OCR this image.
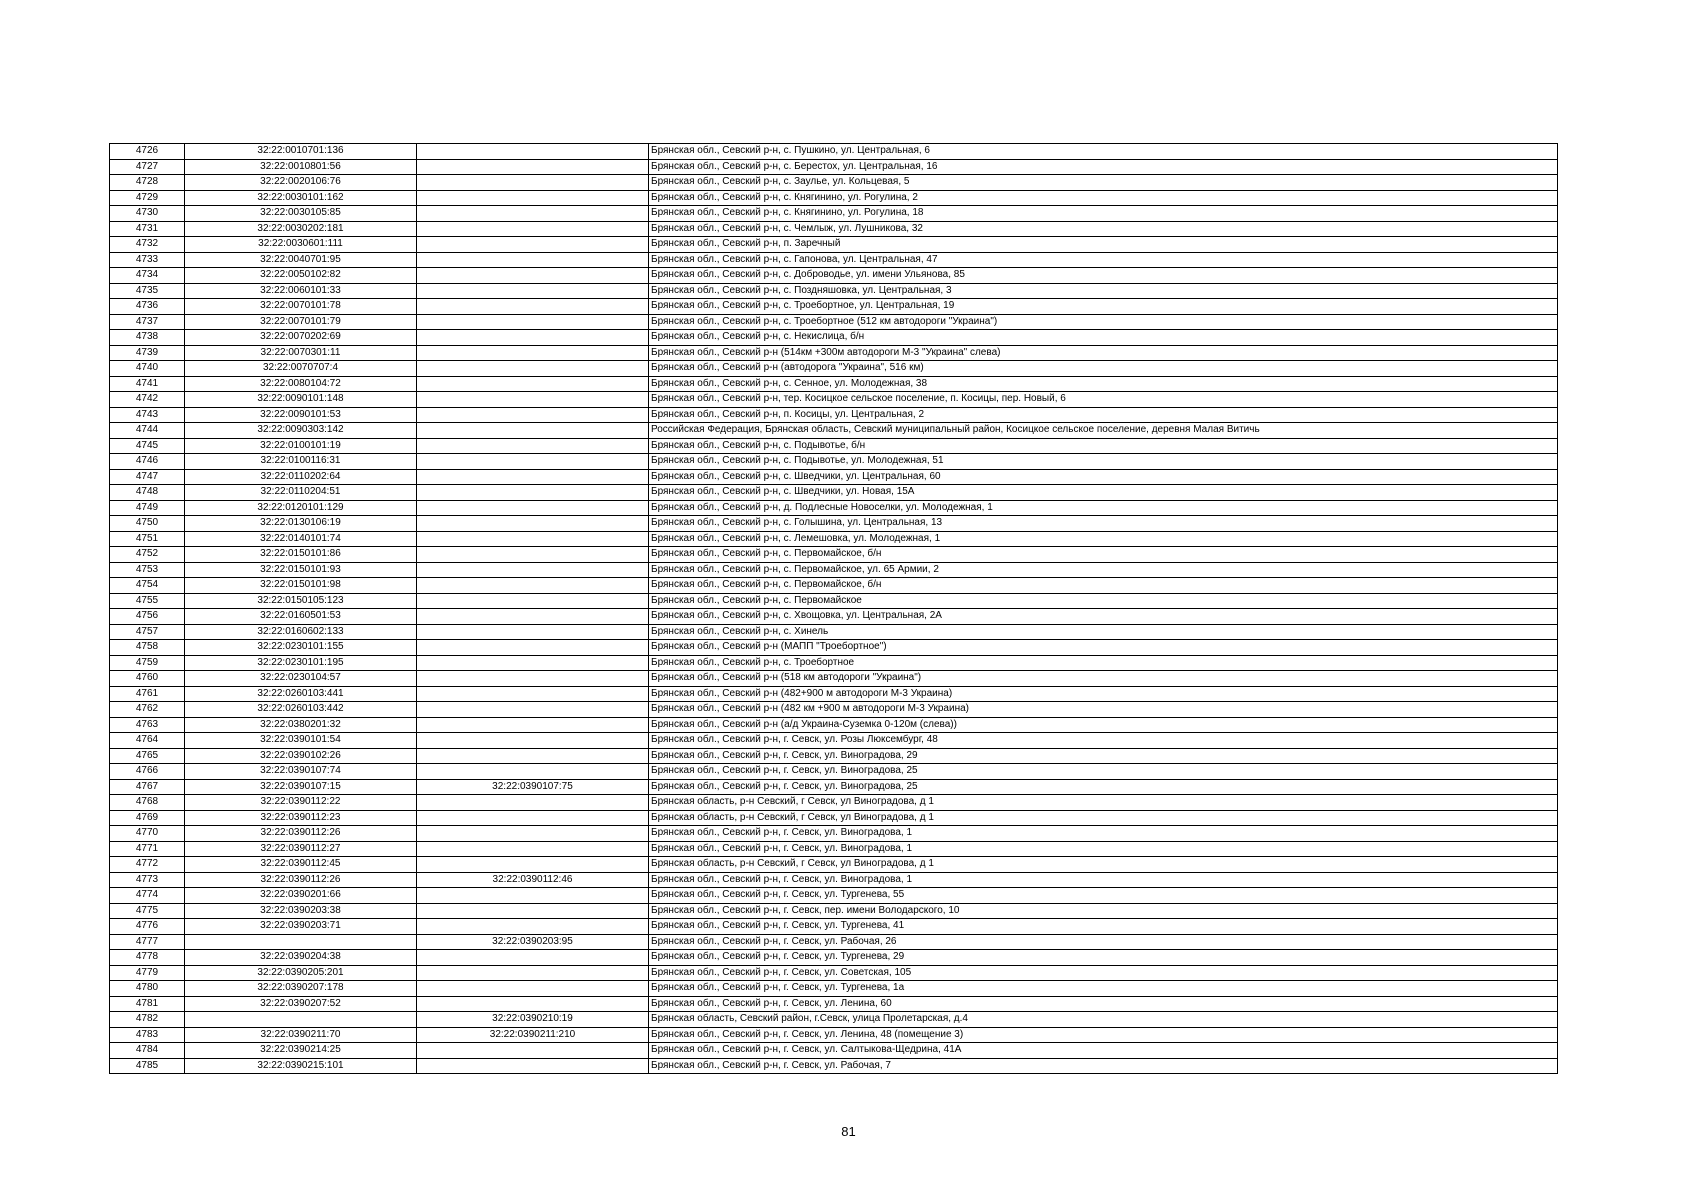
4726	32:22:0010701:136		Брянская обл., Севский р-н, с. Пушкино, ул. Центральная, 6
4727	32:22:0010801:56		Брянская обл., Севский р-н, с. Берестох, ул. Центральная, 16
4728	32:22:0020106:76		Брянская обл., Севский р-н, с. Заулье, ул. Кольцевая, 5
4729	32:22:0030101:162		Брянская обл., Севский р-н, с. Княгинино, ул. Рогулина, 2
4730	32:22:0030105:85		Брянская обл., Севский р-н, с. Княгинино, ул. Рогулина, 18
4731	32:22:0030202:181		Брянская обл., Севский р-н, с. Чемлыж, ул. Лушникова, 32
4732	32:22:0030601:111		Брянская обл., Севский р-н, п. Заречный
4733	32:22:0040701:95		Брянская обл., Севский р-н, с. Гапонова, ул. Центральная, 47
4734	32:22:0050102:82		Брянская обл., Севский р-н, с. Доброводье, ул. имени Ульянова, 85
4735	32:22:0060101:33		Брянская обл., Севский р-н, с. Поздняшовка, ул. Центральная, 3
4736	32:22:0070101:78		Брянская обл., Севский р-н, с. Троебортное, ул. Центральная, 19
4737	32:22:0070101:79		Брянская обл., Севский р-н, с. Троебортное (512 км автодороги "Украина")
4738	32:22:0070202:69		Брянская обл., Севский р-н, с. Некислица, б/н
4739	32:22:0070301:11		Брянская обл., Севский р-н (514км +300м автодороги М-3 "Украина" слева)
4740	32:22:0070707:4		Брянская обл., Севский р-н (автодорога "Украина", 516 км)
4741	32:22:0080104:72		Брянская обл., Севский р-н, с. Сенное, ул. Молодежная, 38
4742	32:22:0090101:148		Брянская обл., Севский р-н, тер. Косицкое сельское поселение, п. Косицы, пер. Новый, 6
4743	32:22:0090101:53		Брянская обл., Севский р-н, п. Косицы, ул. Центральная, 2
4744	32:22:0090303:142		Российская Федерация, Брянская область, Севский муниципальный район, Косицкое сельское поселение, деревня Малая Витичь
4745	32:22:0100101:19		Брянская обл., Севский р-н, с. Подывотье, б/н
4746	32:22:0100116:31		Брянская обл., Севский р-н, с. Подывотье, ул. Молодежная, 51
4747	32:22:0110202:64		Брянская обл., Севский р-н, с. Шведчики, ул. Центральная, 60
4748	32:22:0110204:51		Брянская обл., Севский р-н, с. Шведчики, ул. Новая, 15А
4749	32:22:0120101:129		Брянская обл., Севский р-н, д. Подлесные Новоселки, ул. Молодежная, 1
4750	32:22:0130106:19		Брянская обл., Севский р-н, с. Голышина, ул. Центральная, 13
4751	32:22:0140101:74		Брянская обл., Севский р-н, с. Лемешовка, ул. Молодежная, 1
4752	32:22:0150101:86		Брянская обл., Севский р-н, с. Первомайское, б/н
4753	32:22:0150101:93		Брянская обл., Севский р-н, с. Первомайское, ул. 65 Армии, 2
4754	32:22:0150101:98		Брянская обл., Севский р-н, с. Первомайское, б/н
4755	32:22:0150105:123		Брянская обл., Севский р-н, с. Первомайское
4756	32:22:0160501:53		Брянская обл., Севский р-н, с. Хвощовка, ул. Центральная, 2А
4757	32:22:0160602:133		Брянская обл., Севский р-н, с. Хинель
4758	32:22:0230101:155		Брянская обл., Севский р-н (МАПП "Троебортное")
4759	32:22:0230101:195		Брянская обл., Севский р-н, с. Троебортное
4760	32:22:0230104:57		Брянская обл., Севский р-н (518 км автодороги "Украина")
4761	32:22:0260103:441		Брянская обл., Севский р-н (482+900 м автодороги М-3 Украина)
4762	32:22:0260103:442		Брянская обл., Севский р-н (482 км +900 м автодороги М-3 Украина)
4763	32:22:0380201:32		Брянская обл., Севский р-н (а/д Украина-Суземка 0-120м (слева))
4764	32:22:0390101:54		Брянская обл., Севский р-н, г. Севск, ул. Розы Люксембург, 48
4765	32:22:0390102:26		Брянская обл., Севский р-н, г. Севск, ул. Виноградова, 29
4766	32:22:0390107:74		Брянская обл., Севский р-н, г. Севск, ул. Виноградова, 25
4767	32:22:0390107:15	32:22:0390107:75	Брянская обл., Севский р-н, г. Севск, ул. Виноградова, 25
4768	32:22:0390112:22		Брянская область, р-н Севский, г Севск, ул Виноградова, д 1
4769	32:22:0390112:23		Брянская область, р-н Севский, г Севск, ул Виноградова, д 1
4770	32:22:0390112:26		Брянская обл., Севский р-н, г. Севск, ул. Виноградова, 1
4771	32:22:0390112:27		Брянская обл., Севский р-н, г. Севск, ул. Виноградова, 1
4772	32:22:0390112:45		Брянская область, р-н Севский, г Севск, ул Виноградова, д 1
4773	32:22:0390112:26	32:22:0390112:46	Брянская обл., Севский р-н, г. Севск, ул. Виноградова, 1
4774	32:22:0390201:66		Брянская обл., Севский р-н, г. Севск, ул. Тургенева, 55
4775	32:22:0390203:38		Брянская обл., Севский р-н, г. Севск, пер. имени Володарского, 10
4776	32:22:0390203:71		Брянская обл., Севский р-н, г. Севск, ул. Тургенева, 41
4777		32:22:0390203:95	Брянская обл., Севский р-н, г. Севск, ул. Рабочая, 26
4778	32:22:0390204:38		Брянская обл., Севский р-н, г. Севск, ул. Тургенева, 29
4779	32:22:0390205:201		Брянская обл., Севский р-н, г. Севск, ул. Советская, 105
4780	32:22:0390207:178		Брянская обл., Севский р-н, г. Севск, ул. Тургенева, 1а
4781	32:22:0390207:52		Брянская обл., Севский р-н, г. Севск, ул. Ленина, 60
4782		32:22:0390210:19	Брянская область, Севский район, г.Севск, улица Пролетарская, д.4
4783	32:22:0390211:70	32:22:0390211:210	Брянская обл., Севский р-н, г. Севск, ул. Ленина, 48 (помещение 3)
4784	32:22:0390214:25		Брянская обл., Севский р-н, г. Севск, ул. Салтыкова-Щедрина, 41А
4785	32:22:0390215:101		Брянская обл., Севский р-н, г. Севск, ул. Рабочая, 7
81
